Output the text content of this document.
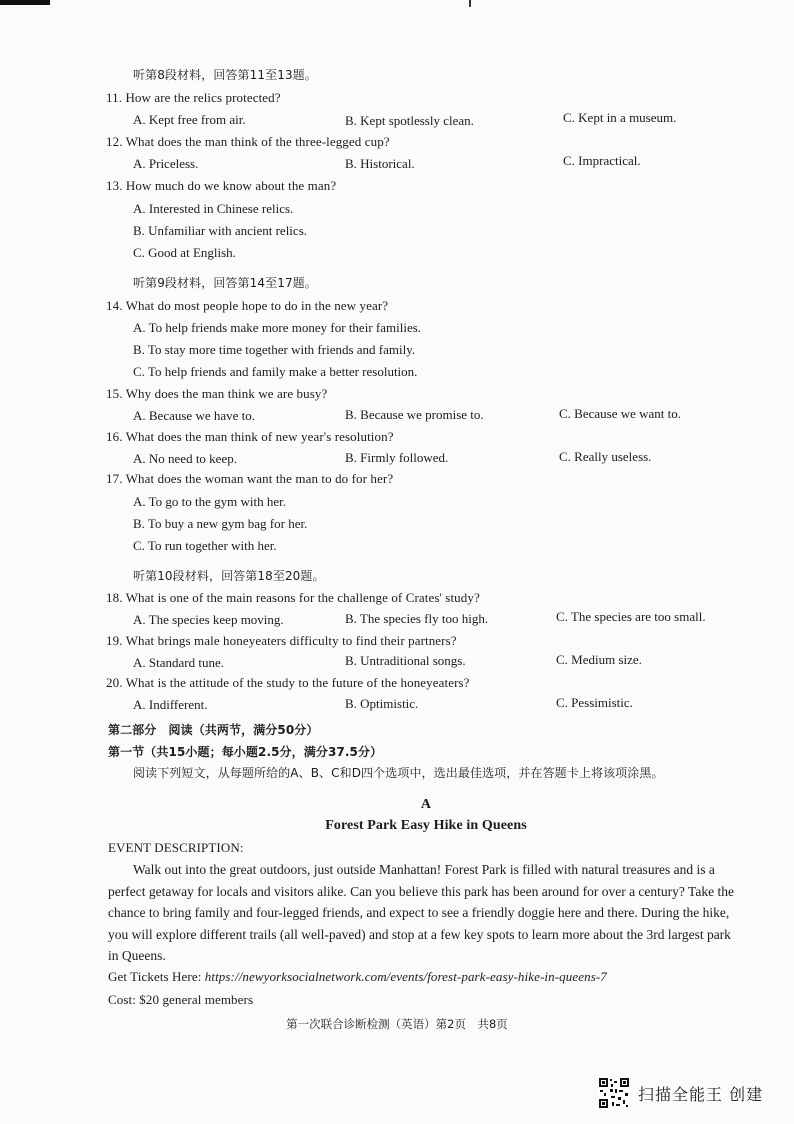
听第8段材料，回答第11至13题。
11. How are the relics protected?
A. Kept free from air.	B. Kept spotlessly clean.	C. Kept in a museum.
12. What does the man think of the three-legged cup?
A. Priceless.	B. Historical.	C. Impractical.
13. How much do we know about the man?
A. Interested in Chinese relics.
B. Unfamiliar with ancient relics.
C. Good at English.
听第9段材料，回答第14至17题。
14. What do most people hope to do in the new year?
A. To help friends make more money for their families.
B. To stay more time together with friends and family.
C. To help friends and family make a better resolution.
15. Why does the man think we are busy?
A. Because we have to.	B. Because we promise to.	C. Because we want to.
16. What does the man think of new year's resolution?
A. No need to keep.	B. Firmly followed.	C. Really useless.
17. What does the woman want the man to do for her?
A. To go to the gym with her.
B. To buy a new gym bag for her.
C. To run together with her.
听第10段材料，回答第18至20题。
18. What is one of the main reasons for the challenge of Crates' study?
A. The species keep moving.	B. The species fly too high.	C. The species are too small.
19. What brings male honeyeaters difficulty to find their partners?
A. Standard tune.	B. Untraditional songs.	C. Medium size.
20. What is the attitude of the study to the future of the honeyeaters?
A. Indifferent.	B. Optimistic.	C. Pessimistic.
第二部分　阅读（共两节，满分50分）
第一节（共15小题；每小题2.5分，满分37.5分）
阅读下列短文，从每题所给的A、B、C和D四个选项中，选出最佳选项，并在答题卡上将该项涂黑。
A
Forest Park Easy Hike in Queens
EVENT DESCRIPTION:
Walk out into the great outdoors, just outside Manhattan! Forest Park is filled with natural treasures and is a
perfect getaway for locals and visitors alike. Can you believe this park has been around for over a century? Take the
chance to bring family and four-legged friends, and expect to see a friendly doggie here and there. During the hike,
you will explore different trails (all well-paved) and stop at a few key spots to learn more about the 3rd largest park
in Queens.
Get Tickets Here: https://newyorksocialnetwork.com/events/forest-park-easy-hike-in-queens-7
Cost: $20 general members
第一次联合诊断检测（英语）第2页　共8页
扫描全能王 创建
